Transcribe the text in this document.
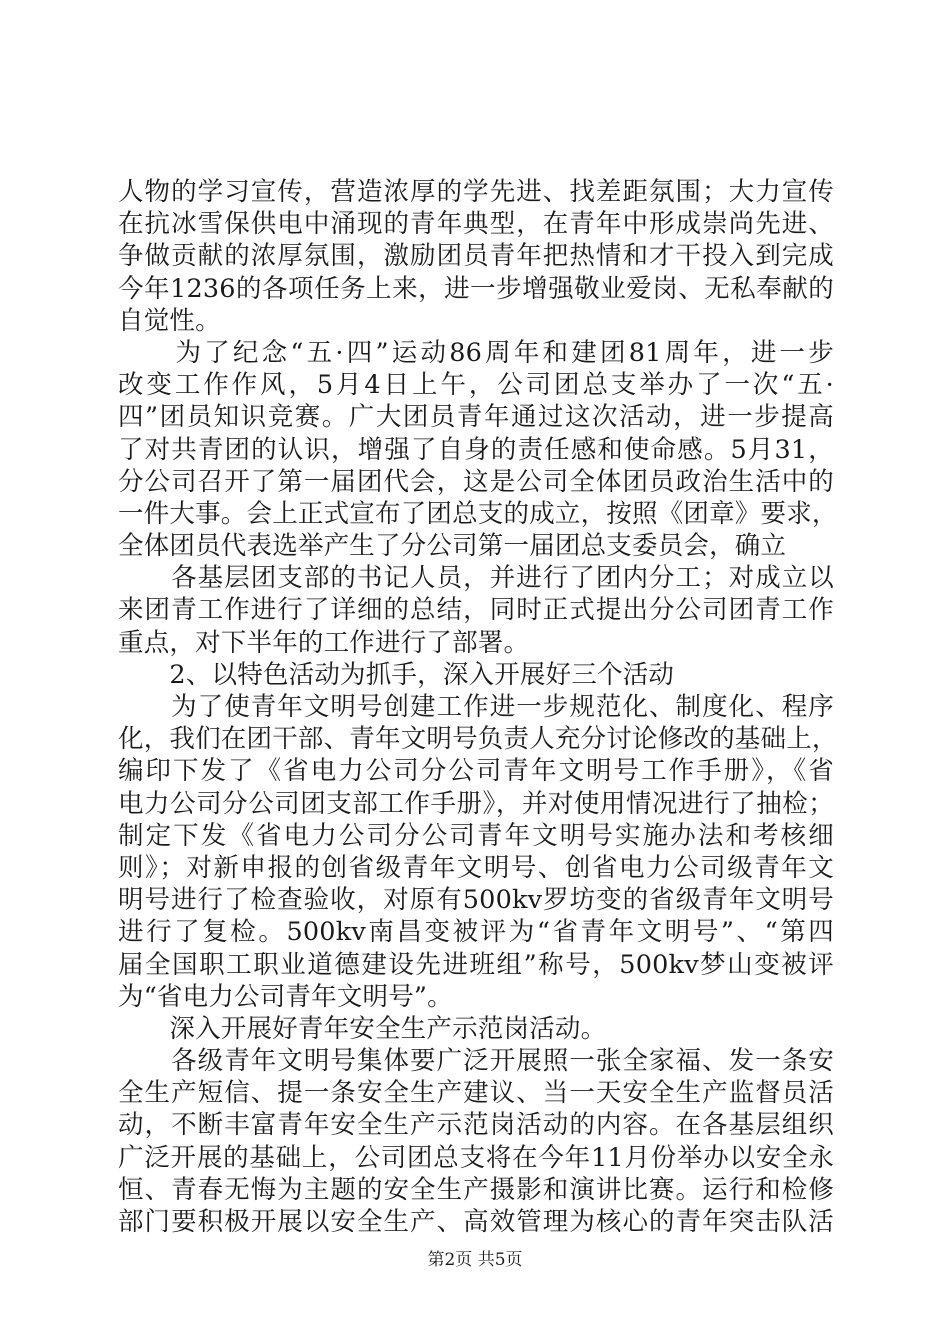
人物的学习宣传，营造浓厚的学先进、找差距氛围；大力宣传
在抗冰雪保供电中涌现的青年典型，在青年中形成崇尚先进、
争做贡献的浓厚氛围，激励团员青年把热情和才干投入到完成
今年1236的各项任务上来，进一步增强敬业爱岗、无私奉献的
自觉性。
　　为了纪念“五·四”运动86周年和建团81周年，进一步
改变工作作风，5月4日上午，公司团总支举办了一次“五·
四”团员知识竞赛。广大团员青年通过这次活动，进一步提高
了对共青团的认识，增强了自身的责任感和使命感。5月31，
分公司召开了第一届团代会，这是公司全体团员政治生活中的
一件大事。会上正式宣布了团总支的成立，按照《团章》要求，
全体团员代表选举产生了分公司第一届团总支委员会，确立
　　各基层团支部的书记人员，并进行了团内分工；对成立以
来团青工作进行了详细的总结，同时正式提出分公司团青工作
重点，对下半年的工作进行了部署。
　　2、以特色活动为抓手，深入开展好三个活动
　　为了使青年文明号创建工作进一步规范化、制度化、程序
化，我们在团干部、青年文明号负责人充分讨论修改的基础上，
编印下发了《省电力公司分公司青年文明号工作手册》，《省
电力公司分公司团支部工作手册》，并对使用情况进行了抽检；
制定下发《省电力公司分公司青年文明号实施办法和考核细
则》；对新申报的创省级青年文明号、创省电力公司级青年文
明号进行了检查验收，对原有500kv罗坊变的省级青年文明号
进行了复检。500kv南昌变被评为“省青年文明号”、“第四
届全国职工职业道德建设先进班组”称号，500kv梦山变被评
为“省电力公司青年文明号”。
　　深入开展好青年安全生产示范岗活动。
　　各级青年文明号集体要广泛开展照一张全家福、发一条安
全生产短信、提一条安全生产建议、当一天安全生产监督员活
动，不断丰富青年安全生产示范岗活动的内容。在各基层组织
广泛开展的基础上，公司团总支将在今年11月份举办以安全永
恒、青春无悔为主题的安全生产摄影和演讲比赛。运行和检修
部门要积极开展以安全生产、高效管理为核心的青年突击队活
第2页 共5页
